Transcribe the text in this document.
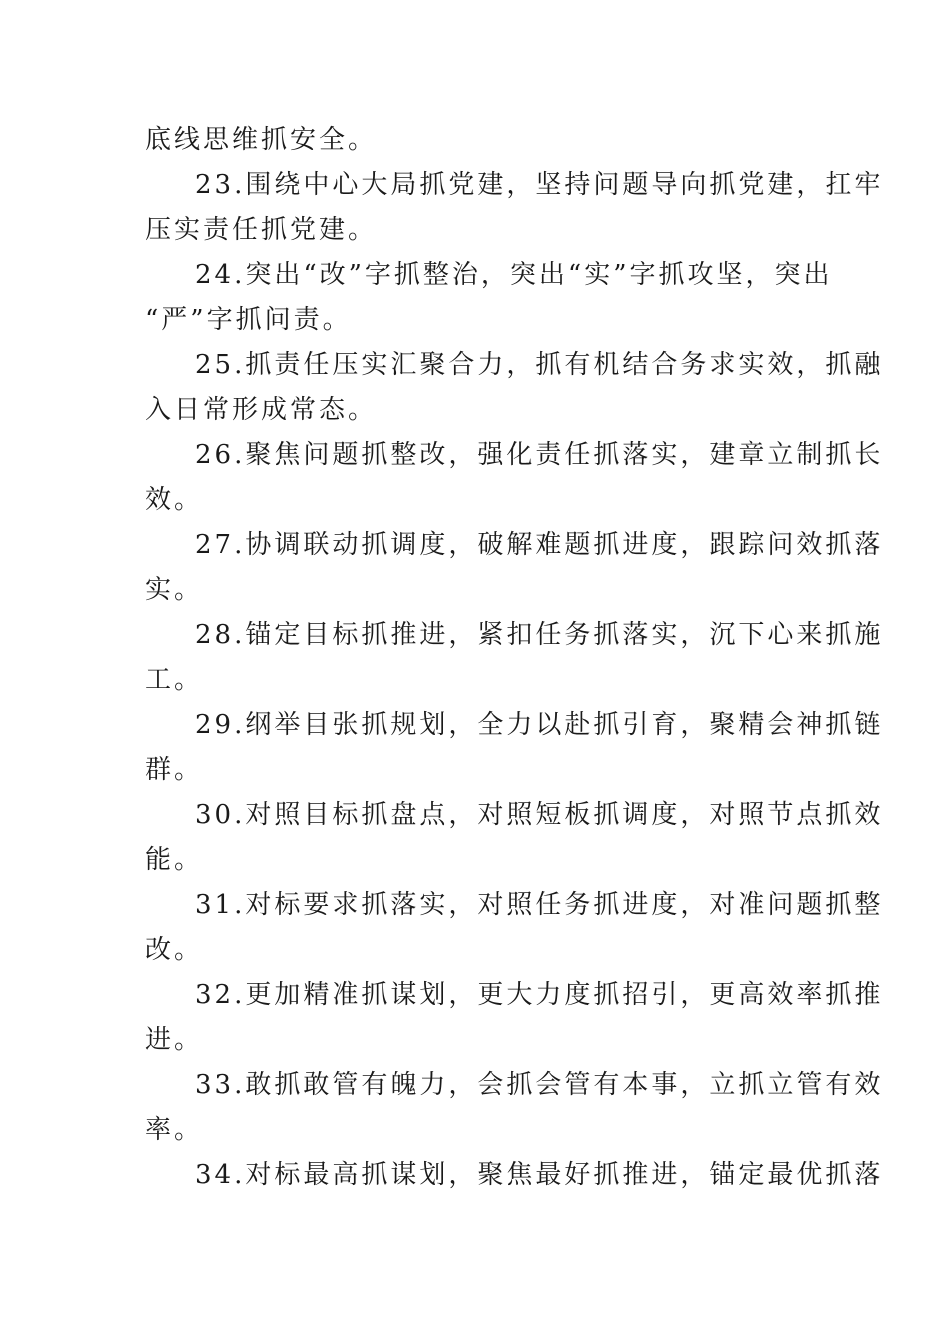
底线思维抓安全。
23.围绕中心大局抓党建，坚持问题导向抓党建，扛牢
压实责任抓党建。
24.突出“改”字抓整治，突出“实”字抓攻坚，突出
“严”字抓问责。
25.抓责任压实汇聚合力，抓有机结合务求实效，抓融
入日常形成常态。
26.聚焦问题抓整改，强化责任抓落实，建章立制抓长
效。
27.协调联动抓调度，破解难题抓进度，跟踪问效抓落
实。
28.锚定目标抓推进，紧扣任务抓落实，沉下心来抓施
工。
29.纲举目张抓规划，全力以赴抓引育，聚精会神抓链
群。
30.对照目标抓盘点，对照短板抓调度，对照节点抓效
能。
31.对标要求抓落实，对照任务抓进度，对准问题抓整
改。
32.更加精准抓谋划，更大力度抓招引，更高效率抓推
进。
33.敢抓敢管有魄力，会抓会管有本事，立抓立管有效
率。
34.对标最高抓谋划，聚焦最好抓推进，锚定最优抓落
